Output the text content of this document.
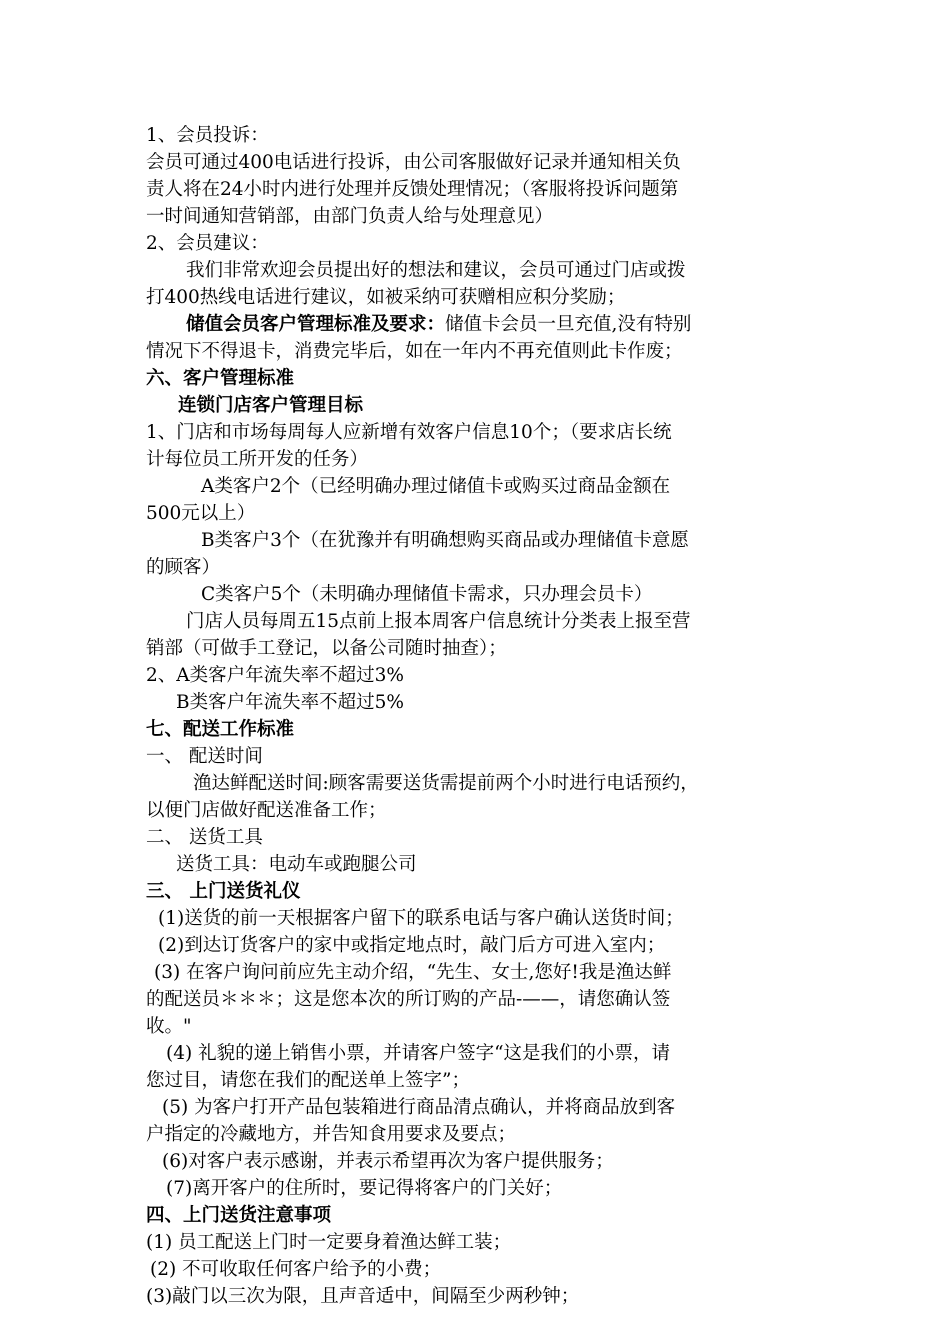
1、会员投诉：
会员可通过400电话进行投诉，由公司客服做好记录并通知相关负
责人将在24小时内进行处理并反馈处理情况；（客服将投诉问题第
一时间通知营销部，由部门负责人给与处理意见）
2、会员建议：
我们非常欢迎会员提出好的想法和建议，会员可通过门店或拨
打400热线电话进行建议，如被采纳可获赠相应积分奖励；
储值会员客户管理标准及要求：储值卡会员一旦充值,没有特别
情况下不得退卡，消费完毕后，如在一年内不再充值则此卡作废；
六、客户管理标准
连锁门店客户管理目标
1、门店和市场每周每人应新增有效客户信息10个；（要求店长统
计每位员工所开发的任务）
A类客户2个（已经明确办理过储值卡或购买过商品金额在
500元以上）
B类客户3个（在犹豫并有明确想购买商品或办理储值卡意愿
的顾客）
C类客户5个（未明确办理储值卡需求，只办理会员卡）
门店人员每周五15点前上报本周客户信息统计分类表上报至营
销部（可做手工登记，以备公司随时抽查）；
2、A类客户年流失率不超过3%
B类客户年流失率不超过5%
七、配送工作标准
一、 配送时间
渔达鲜配送时间:顾客需要送货需提前两个小时进行电话预约，
以便门店做好配送准备工作；
二、 送货工具
送货工具：电动车或跑腿公司
三、 上门送货礼仪
(1)送货的前一天根据客户留下的联系电话与客户确认送货时间；
(2)到达订货客户的家中或指定地点时，敲门后方可进入室内；
(3) 在客户询问前应先主动介绍，“先生、女士,您好!我是渔达鲜
的配送员＊＊＊；这是您本次的所订购的产品-——，请您确认签
收。"
(4) 礼貌的递上销售小票，并请客户签字“这是我们的小票，请
您过目，请您在我们的配送单上签字”；
(5) 为客户打开产品包装箱进行商品清点确认，并将商品放到客
户指定的冷藏地方，并告知食用要求及要点；
(6)对客户表示感谢，并表示希望再次为客户提供服务；
(7)离开客户的住所时，要记得将客户的门关好；
四、上门送货注意事项
(1) 员工配送上门时一定要身着渔达鲜工装；
(2) 不可收取任何客户给予的小费；
(3)敲门以三次为限，且声音适中，间隔至少两秒钟；
